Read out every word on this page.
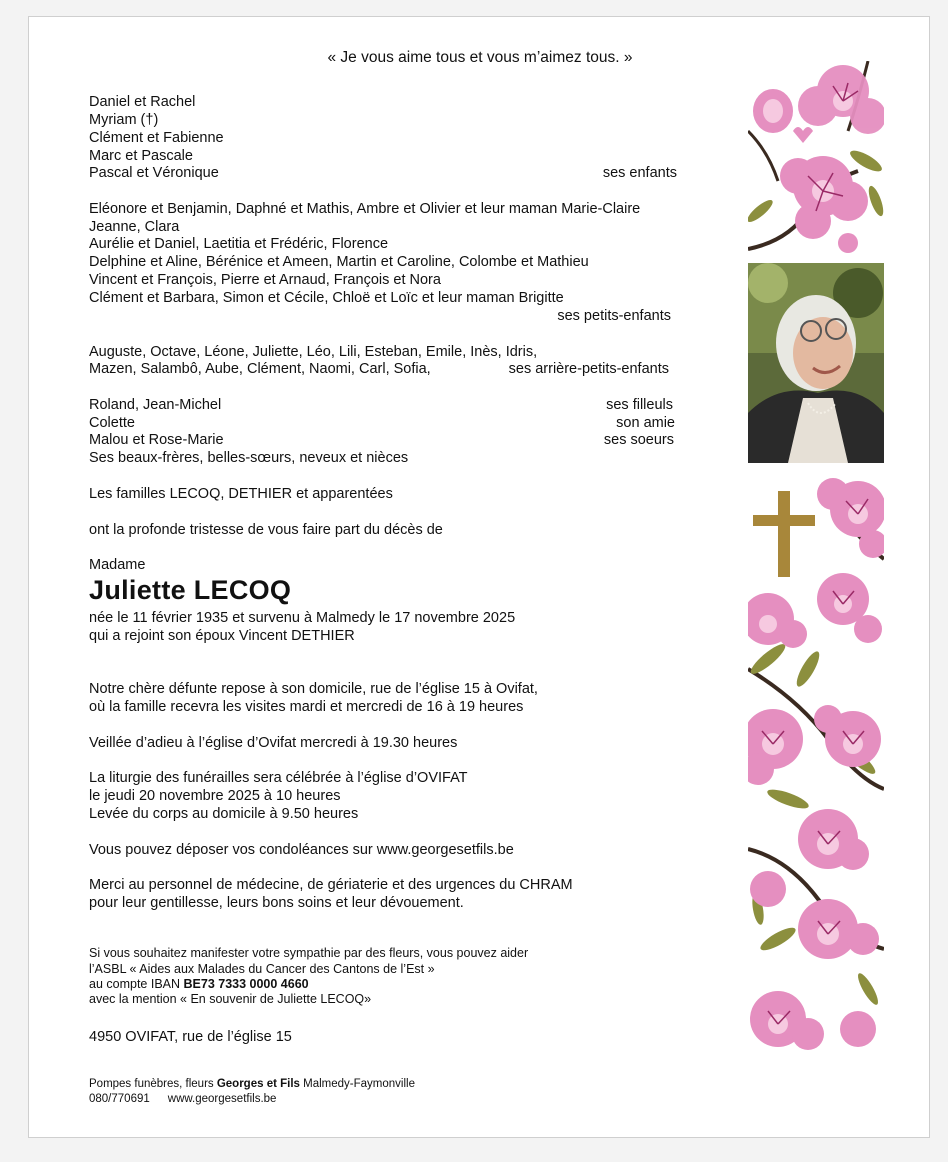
« Je vous aime tous et vous m’aimez tous. »
Daniel et Rachel
Myriam (†)
Clément et Fabienne
Marc et Pascale
Pascal et Véronique	ses enfants
Eléonore et Benjamin, Daphné et Mathis, Ambre et Olivier et leur maman Marie-Claire
Jeanne, Clara
Aurélie et Daniel, Laetitia et Frédéric, Florence
Delphine et Aline, Bérénice et Ameen, Martin et Caroline, Colombe et Mathieu
Vincent et François, Pierre et Arnaud, François et Nora
Clément et Barbara, Simon et Cécile, Chloë et Loïc et leur maman Brigitte
ses petits-enfants
Auguste, Octave, Léone, Juliette, Léo, Lili, Esteban, Emile, Inès, Idris,
Mazen, Salambô, Aube, Clément, Naomi, Carl, Sofia,	ses arrière-petits-enfants
Roland, Jean-Michel	ses filleuls
Colette	son amie
Malou et Rose-Marie	ses soeurs
Ses beaux-frères, belles-sœurs, neveux et nièces
Les familles LECOQ, DETHIER et apparentées
ont la profonde tristesse de vous faire part du décès de
Madame
Juliette LECOQ
née le 11 février 1935 et survenu à Malmedy le 17 novembre 2025
qui a rejoint son époux Vincent DETHIER
Notre chère défunte repose à son domicile, rue de l’église 15 à Ovifat,
où la famille recevra les visites mardi et mercredi de 16 à 19 heures
Veillée d’adieu à l’église d’Ovifat mercredi à 19.30 heures
La liturgie des funérailles sera célébrée à l’église d’OVIFAT
le jeudi 20 novembre 2025 à 10 heures
Levée du corps au domicile à 9.50 heures
Vous pouvez déposer vos condoléances sur www.georgesetfils.be
Merci au personnel de médecine, de gériaterie et des urgences du CHRAM
pour leur gentillesse, leurs bons soins et leur dévouement.
Si vous souhaitez manifester votre sympathie par des fleurs, vous pouvez aider
l’ASBL « Aides aux Malades du Cancer des Cantons de l’Est »
au compte IBAN BE73 7333 0000 4660
avec la mention « En souvenir de Juliette LECOQ»
4950 OVIFAT, rue de l’église 15
Pompes funèbres, fleurs Georges et Fils Malmedy-Faymonville
080/770691 www.georgesetfils.be
